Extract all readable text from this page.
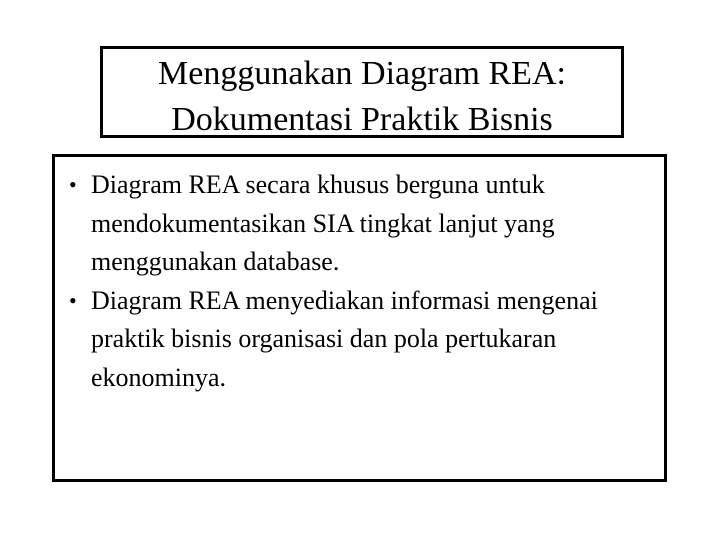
Menggunakan Diagram REA:
Dokumentasi Praktik Bisnis
• Diagram REA secara khusus berguna untuk mendokumentasikan SIA tingkat lanjut yang menggunakan database.
• Diagram REA menyediakan informasi mengenai praktik bisnis organisasi dan pola pertukaran ekonominya.
